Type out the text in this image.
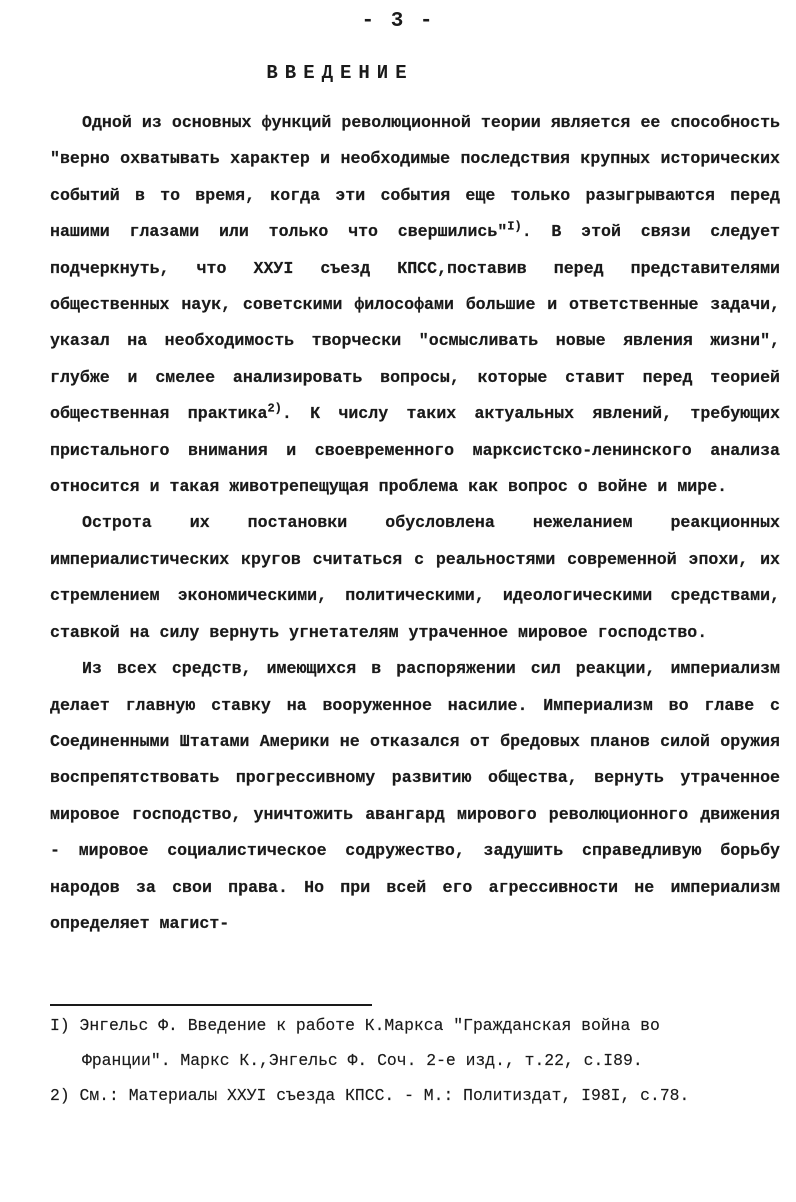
- 3 -
ВВЕДЕНИЕ

Одной из основных функций революционной теории является ее способность "верно охватывать характер и необходимые последствия крупных исторических событий в то время, когда эти события еще только разыгрываются перед нашими глазами или только что свершились"$^{I)}$. В этой связи следует подчеркнуть, что XXУI съезд КПСС,поставив перед представителями общественных наук, советскими философами большие и ответственные задачи, указал на необходимость творчески "осмысливать новые явления жизни", глубже и смелее анализировать вопросы, которые ставит перед теорией общественная практика$^{2)}$. К числу таких актуальных явлений, требующих пристального внимания и своевременного марксистско-ленинского анализа относится и такая животрепещущая проблема как вопрос о войне и мире.

Острота их постановки обусловлена нежеланием реакционных империалистических кругов считаться с реальностями современной эпохи, их стремлением экономическими, политическими, идеологическими средствами, ставкой на силу вернуть угнетателям утраченное мировое господство.

Из всех средств, имеющихся в распоряжении сил реакции, империализм делает главную ставку на вооруженное насилие. Империализм во главе с Соединенными Штатами Америки не отказался от бредовых планов силой оружия воспрепятствовать прогрессивному развитию общества, вернуть утраченное мировое господство, уничтожить авангард мирового революционного движения - мировое социалистическое содружество, задушить справедливую борьбу народов за свои права. Но при всей его агрессивности не империализм определяет магист-

I) Энгельс Ф. Введение к работе К.Маркса "Гражданская война во

Франции". Маркс К.,Энгельс Ф. Соч. 2-е изд., т.22, с.I89.

2) См.: Материалы XXУI съезда КПСС. - М.: Политиздат, I98I, с.78.
